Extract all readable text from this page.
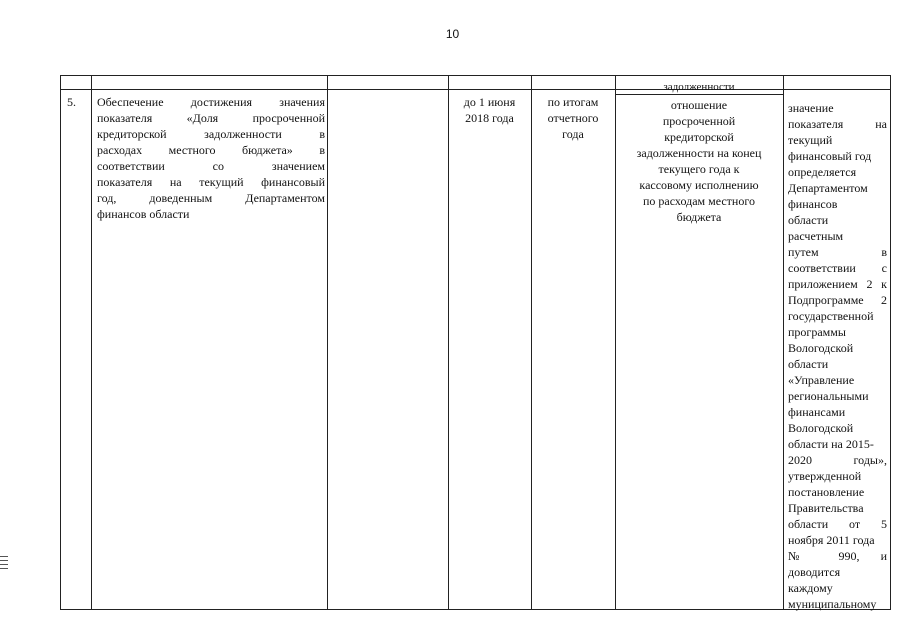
10
задолженности
5.	Обеспечение достижения значения
показателя «Доля просроченной
кредиторской задолженности в
расходах местного бюджета» в
соответствии со значением
показателя на текущий финансовый
год, доведенным Департаментом
финансов области
до 1 июня
2018 года
по итогам
отчетного
года
отношение
просроченной
кредиторской
задолженности на конец
текущего года к
кассовому исполнению
по расходам местного
бюджета
значение
показателя на
текущий
финансовый год
определяется
Департаментом
финансов
области
расчетным
путем в
соответствии с
приложением 2 к
Подпрограмме 2
государственной
программы
Вологодской
области
«Управление
региональными
финансами
Вологодской
области на 2015-
2020 годы»,
утвержденной
постановление
Правительства
области от 5
ноября 2011 года
№ 990, и
доводится
каждому
муниципальному
